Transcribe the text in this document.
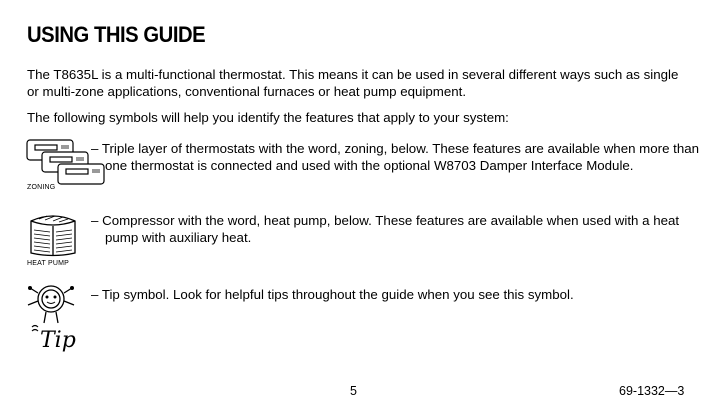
USING THIS GUIDE
The T8635L is a multi-functional thermostat. This means it can be used in several different ways such as single or multi-zone applications, conventional furnaces or heat pump equipment.
The following symbols will help you identify the features that apply to your system:
ZONING
– Triple layer of thermostats with the word, zoning, below. These features are available when more than one thermostat is connected and used with the optional W8703 Damper Interface Module.
HEAT PUMP
– Compressor with the word, heat pump, below. These features are available when used with a heat pump with auxiliary heat.
Tip
– Tip symbol. Look for helpful tips throughout the guide when you see this symbol.
5	69-1332—3
